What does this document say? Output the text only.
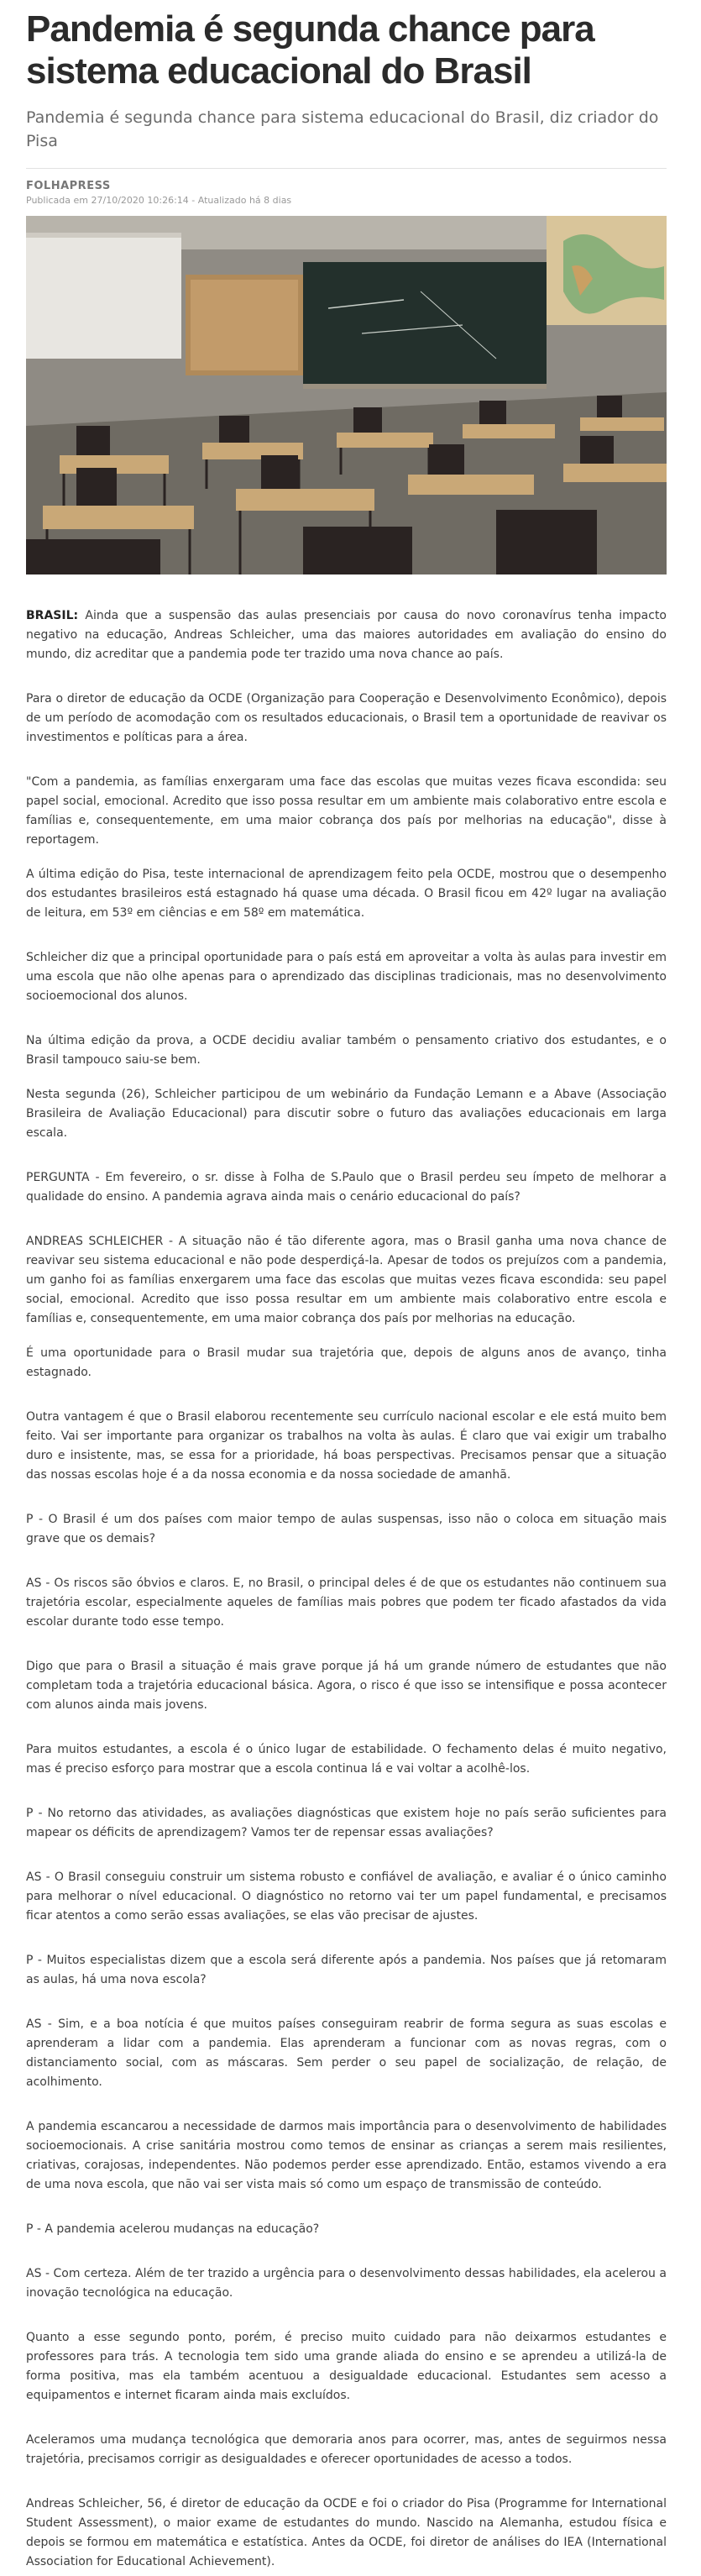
Pandemia é segunda chance para sistema educacional do Brasil

Pandemia é segunda chance para sistema educacional do Brasil, diz criador do Pisa

FOLHAPRESS

Publicada em 27/10/2020 10:26:14 - Atualizado há 8 dias

BRASIL: Ainda que a suspensão das aulas presenciais por causa do novo coronavírus tenha impacto negativo na educação, Andreas Schleicher, uma das maiores autoridades em avaliação do ensino do mundo, diz acreditar que a pandemia pode ter trazido uma nova chance ao país.

Para o diretor de educação da OCDE (Organização para Cooperação e Desenvolvimento Econômico), depois de um período de acomodação com os resultados educacionais, o Brasil tem a oportunidade de reavivar os investimentos e políticas para a área.

"Com a pandemia, as famílias enxergaram uma face das escolas que muitas vezes ficava escondida: seu papel social, emocional. Acredito que isso possa resultar em um ambiente mais colaborativo entre escola e famílias e, consequentemente, em uma maior cobrança dos país por melhorias na educação", disse à reportagem.

A última edição do Pisa, teste internacional de aprendizagem feito pela OCDE, mostrou que o desempenho dos estudantes brasileiros está estagnado há quase uma década. O Brasil ficou em 42º lugar na avaliação de leitura, em 53º em ciências e em 58º em matemática.

Schleicher diz que a principal oportunidade para o país está em aproveitar a volta às aulas para investir em uma escola que não olhe apenas para o aprendizado das disciplinas tradicionais, mas no desenvolvimento socioemocional dos alunos.

Na última edição da prova, a OCDE decidiu avaliar também o pensamento criativo dos estudantes, e o Brasil tampouco saiu-se bem.

Nesta segunda (26), Schleicher participou de um webinário da Fundação Lemann e a Abave (Associação Brasileira de Avaliação Educacional) para discutir sobre o futuro das avaliações educacionais em larga escala.

PERGUNTA - Em fevereiro, o sr. disse à Folha de S.Paulo que o Brasil perdeu seu ímpeto de melhorar a qualidade do ensino. A pandemia agrava ainda mais o cenário educacional do país?

ANDREAS SCHLEICHER - A situação não é tão diferente agora, mas o Brasil ganha uma nova chance de reavivar seu sistema educacional e não pode desperdiçá-la. Apesar de todos os prejuízos com a pandemia, um ganho foi as famílias enxergarem uma face das escolas que muitas vezes ficava escondida: seu papel social, emocional. Acredito que isso possa resultar em um ambiente mais colaborativo entre escola e famílias e, consequentemente, em uma maior cobrança dos país por melhorias na educação.

É uma oportunidade para o Brasil mudar sua trajetória que, depois de alguns anos de avanço, tinha estagnado.

Outra vantagem é que o Brasil elaborou recentemente seu currículo nacional escolar e ele está muito bem feito. Vai ser importante para organizar os trabalhos na volta às aulas. É claro que vai exigir um trabalho duro e insistente, mas, se essa for a prioridade, há boas perspectivas. Precisamos pensar que a situação das nossas escolas hoje é a da nossa economia e da nossa sociedade de amanhã.

P - O Brasil é um dos países com maior tempo de aulas suspensas, isso não o coloca em situação mais grave que os demais?

AS - Os riscos são óbvios e claros. E, no Brasil, o principal deles é de que os estudantes não continuem sua trajetória escolar, especialmente aqueles de famílias mais pobres que podem ter ficado afastados da vida escolar durante todo esse tempo.

Digo que para o Brasil a situação é mais grave porque já há um grande número de estudantes que não completam toda a trajetória educacional básica. Agora, o risco é que isso se intensifique e possa acontecer com alunos ainda mais jovens.

Para muitos estudantes, a escola é o único lugar de estabilidade. O fechamento delas é muito negativo, mas é preciso esforço para mostrar que a escola continua lá e vai voltar a acolhê-los.

P - No retorno das atividades, as avaliações diagnósticas que existem hoje no país serão suficientes para mapear os déficits de aprendizagem? Vamos ter de repensar essas avaliações?

AS - O Brasil conseguiu construir um sistema robusto e confiável de avaliação, e avaliar é o único caminho para melhorar o nível educacional. O diagnóstico no retorno vai ter um papel fundamental, e precisamos ficar atentos a como serão essas avaliações, se elas vão precisar de ajustes.

P - Muitos especialistas dizem que a escola será diferente após a pandemia. Nos países que já retomaram as aulas, há uma nova escola?

AS - Sim, e a boa notícia é que muitos países conseguiram reabrir de forma segura as suas escolas e aprenderam a lidar com a pandemia. Elas aprenderam a funcionar com as novas regras, com o distanciamento social, com as máscaras. Sem perder o seu papel de socialização, de relação, de acolhimento.

A pandemia escancarou a necessidade de darmos mais importância para o desenvolvimento de habilidades socioemocionais. A crise sanitária mostrou como temos de ensinar as crianças a serem mais resilientes, criativas, corajosas, independentes. Não podemos perder esse aprendizado. Então, estamos vivendo a era de uma nova escola, que não vai ser vista mais só como um espaço de transmissão de conteúdo.

P - A pandemia acelerou mudanças na educação?

AS - Com certeza. Além de ter trazido a urgência para o desenvolvimento dessas habilidades, ela acelerou a inovação tecnológica na educação.

Quanto a esse segundo ponto, porém, é preciso muito cuidado para não deixarmos estudantes e professores para trás. A tecnologia tem sido uma grande aliada do ensino e se aprendeu a utilizá-la de forma positiva, mas ela também acentuou a desigualdade educacional. Estudantes sem acesso a equipamentos e internet ficaram ainda mais excluídos.

Aceleramos uma mudança tecnológica que demoraria anos para ocorrer, mas, antes de seguirmos nessa trajetória, precisamos corrigir as desigualdades e oferecer oportunidades de acesso a todos.

Andreas Schleicher, 56, é diretor de educação da OCDE e foi o criador do Pisa (Programme for International Student Assessment), o maior exame de estudantes do mundo. Nascido na Alemanha, estudou física e depois se formou em matemática e estatística. Antes da OCDE, foi diretor de análises do IEA (International Association for Educational Achievement).
